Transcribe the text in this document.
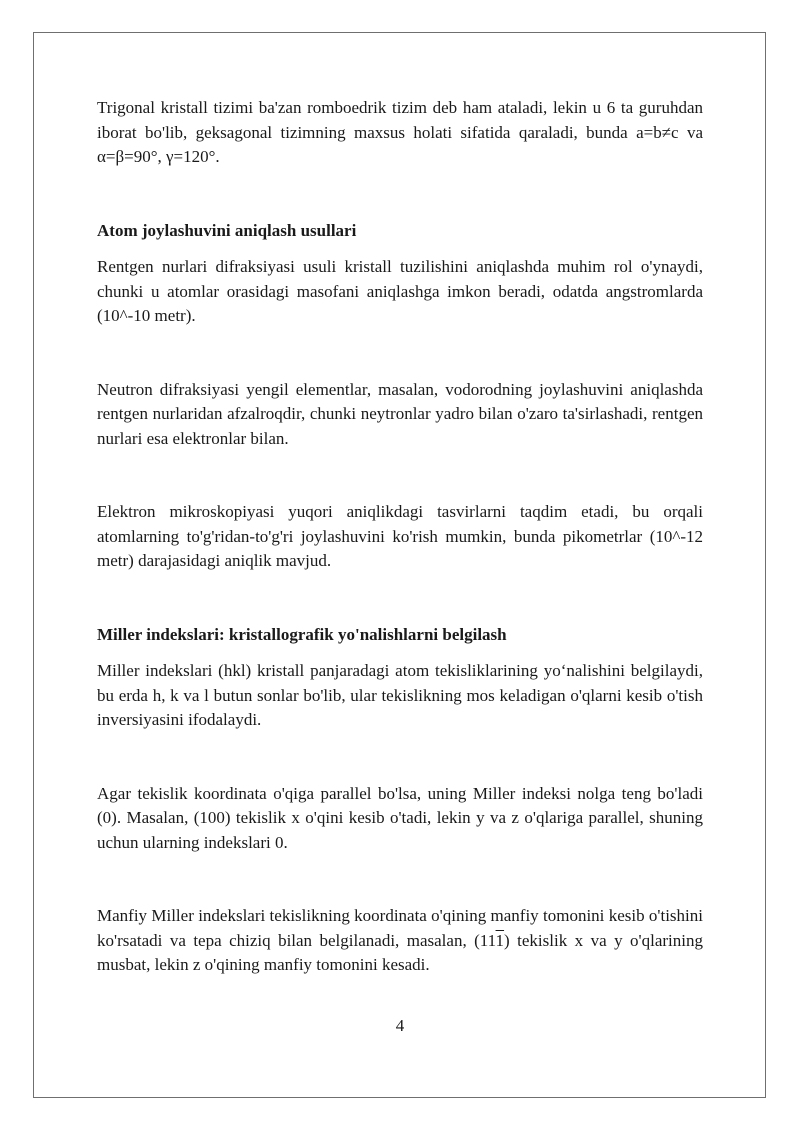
Trigonal kristall tizimi ba'zan romboedrik tizim deb ham ataladi, lekin u 6 ta guruhdan iborat bo'lib, geksagonal tizimning maxsus holati sifatida qaraladi, bunda a=b≠c va α=β=90°, γ=120°.

Atom joylashuvini aniqlash usullari

Rentgen nurlari difraksiyasi usuli kristall tuzilishini aniqlashda muhim rol o'ynaydi, chunki u atomlar orasidagi masofani aniqlashga imkon beradi, odatda angstromlarda (10^-10 metr).

Neutron difraksiyasi yengil elementlar, masalan, vodorodning joylashuvini aniqlashda rentgen nurlaridan afzalroqdir, chunki neytronlar yadro bilan o'zaro ta'sirlashadi, rentgen nurlari esa elektronlar bilan.

Elektron mikroskopiyasi yuqori aniqlikdagi tasvirlarni taqdim etadi, bu orqali atomlarning to'g'ridan-to'g'ri joylashuvini ko'rish mumkin, bunda pikometrlar (10^-12 metr) darajasidagi aniqlik mavjud.

Miller indekslari: kristallografik yo'nalishlarni belgilash

Miller indekslari (hkl) kristall panjaradagi atom tekisliklarining yo‘nalishini belgilaydi, bu erda h, k va l butun sonlar bo'lib, ular tekislikning mos keladigan o'qlarni kesib o'tish inversiyasini ifodalaydi.

Agar tekislik koordinata o'qiga parallel bo'lsa, uning Miller indeksi nolga teng bo'ladi (0). Masalan, (100) tekislik x o'qini kesib o'tadi, lekin y va z o'qlariga parallel, shuning uchun ularning indekslari 0.

Manfiy Miller indekslari tekislikning koordinata o'qining manfiy tomonini kesib o'tishini ko'rsatadi va tepa chiziq bilan belgilanadi, masalan, (111) tekislik x va y o'qlarining musbat, lekin z o'qining manfiy tomonini kesadi.

4
